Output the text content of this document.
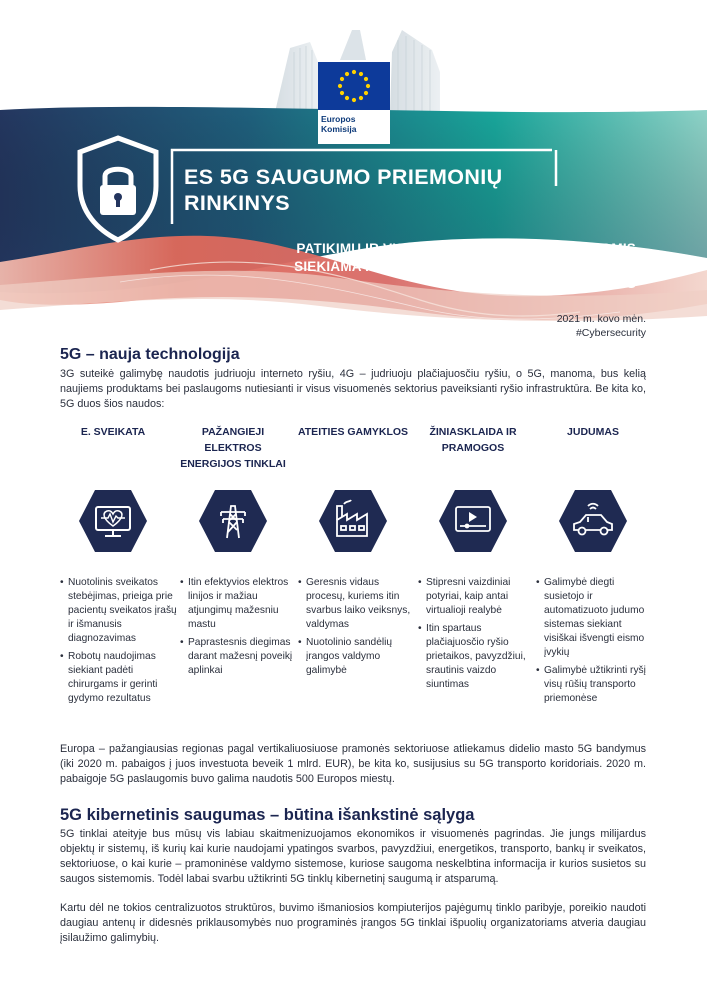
Europos
Komisija
ES 5G SAUGUMO PRIEMONIŲ RINKINYS
PATIKIMŲ IR VISAPUSIŠKŲ PRIEMONIŲ, KURIOMIS SIEKIAMA FORMUOTI SUDERINTĄ ES POŽIŪRĮ Į 5G TINKLŲ SAUGUMĄ, RINKINYS
2021 m. kovo mėn.
#Cybersecurity
5G – nauja technologija

3G suteikė galimybę naudotis judriuoju interneto ryšiu, 4G – judriuoju plačiajuosčiu ryšiu, o 5G, manoma, bus kelią naujiems produktams bei paslaugoms nutiesianti ir visus visuomenės sektorius paveiksianti ryšio infrastruktūra. Be kita ko, 5G duos šios naudos:

E. SVEIKATA	PAŽANGIEJI ELEKTROS ENERGIJOS TINKLAI
ATEITIES GAMYKLOS	ŽINIASKLAIDA IR PRAMOGOS
JUDUMAS
• Nuotolinis sveikatos stebėjimas, prieiga prie pacientų sveikatos įrašų ir išmanusis diagnozavimas
• Robotų naudojimas siekiant padėti chirurgams ir gerinti gydymo rezultatus
• Itin efektyvios elektros linijos ir mažiau atjungimų mažesniu mastu
• Paprastesnis diegimas darant mažesnį poveikį aplinkai
• Geresnis vidaus procesų, kuriems itin svarbus laiko veiksnys, valdymas
• Nuotolinio sandėlių įrangos valdymo galimybė
• Stipresni vaizdiniai potyriai, kaip antai virtualioji realybė
• Itin spartaus plačiajuosčio ryšio prietaikos, pavyzdžiui, srautinis vaizdo siuntimas
• Galimybė diegti susietojo ir automatizuoto judumo sistemas siekiant visiškai išvengti eismo įvykių
• Galimybė užtikrinti ryšį visų rūšių transporto priemonėse

Europa – pažangiausias regionas pagal vertikaliuosiuose pramonės sektoriuose atliekamus didelio masto 5G bandymus (iki 2020 m. pabaigos į juos investuota beveik 1 mlrd. EUR), be kita ko, susijusius su 5G transporto koridoriais. 2020 m. pabaigoje 5G paslaugomis buvo galima naudotis 500 Europos miestų.

5G kibernetinis saugumas – būtina išankstinė sąlyga

5G tinklai ateityje bus mūsų vis labiau skaitmenizuojamos ekonomikos ir visuomenės pagrindas. Jie jungs milijardus objektų ir sistemų, iš kurių kai kurie naudojami ypatingos svarbos, pavyzdžiui, energetikos, transporto, bankų ir sveikatos, sektoriuose, o kai kurie – pramoninėse valdymo sistemose, kuriose saugoma neskelbtina informacija ir kurios susietos su saugos sistemomis. Todėl labai svarbu užtikrinti 5G tinklų kibernetinį saugumą ir atsparumą.

Kartu dėl ne tokios centralizuotos struktūros, buvimo išmaniosios kompiuterijos pajėgumų tinklo paribyje, poreikio naudoti daugiau antenų ir didesnės priklausomybės nuo programinės įrangos 5G tinklai išpuolių organizatoriams atveria daugiau įsilaužimo galimybių.
